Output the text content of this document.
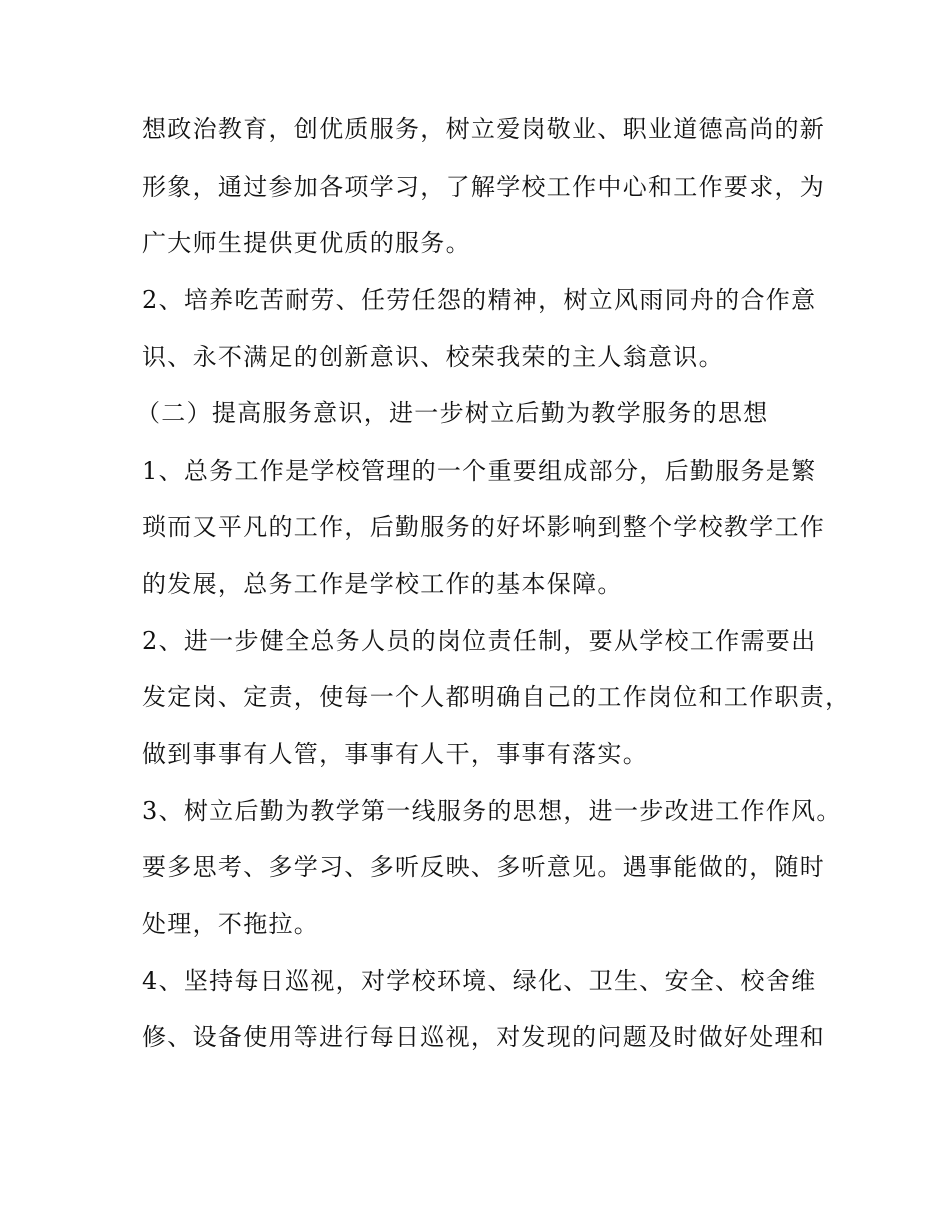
想政治教育，创优质服务，树立爱岗敬业、职业道德高尚的新
形象，通过参加各项学习，了解学校工作中心和工作要求，为
广大师生提供更优质的服务。
2、培养吃苦耐劳、任劳任怨的精神，树立风雨同舟的合作意
识、永不满足的创新意识、校荣我荣的主人翁意识。
（二）提高服务意识，进一步树立后勤为教学服务的思想
1、总务工作是学校管理的一个重要组成部分，后勤服务是繁
琐而又平凡的工作，后勤服务的好坏影响到整个学校教学工作
的发展，总务工作是学校工作的基本保障。
2、进一步健全总务人员的岗位责任制，要从学校工作需要出
发定岗、定责，使每一个人都明确自己的工作岗位和工作职责，
做到事事有人管，事事有人干，事事有落实。
3、树立后勤为教学第一线服务的思想，进一步改进工作作风。
要多思考、多学习、多听反映、多听意见。遇事能做的，随时
处理，不拖拉。
4、坚持每日巡视，对学校环境、绿化、卫生、安全、校舍维
修、设备使用等进行每日巡视，对发现的问题及时做好处理和
